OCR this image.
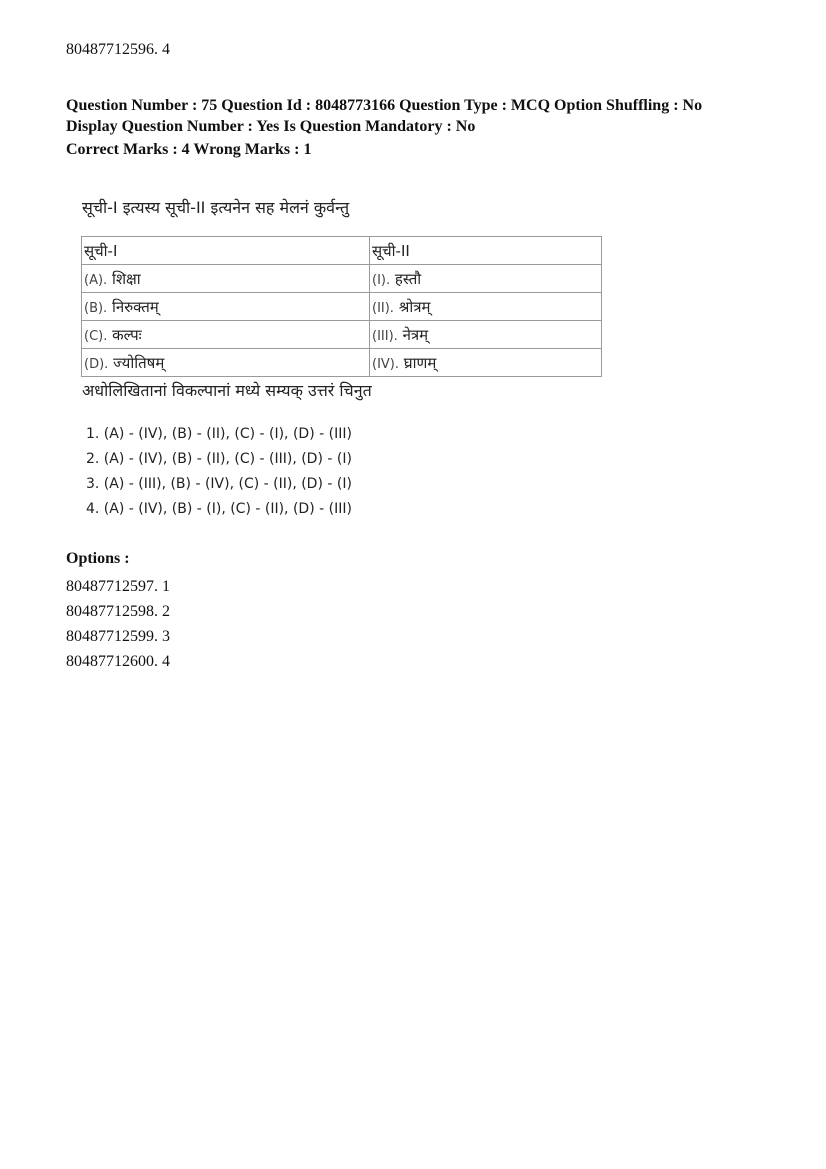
80487712596. 4
Question Number : 75 Question Id : 8048773166 Question Type : MCQ Option Shuffling : No
Display Question Number : Yes Is Question Mandatory : No
Correct Marks : 4 Wrong Marks : 1
सूची-I इत्यस्य सूची-II इत्यनेन सह मेलनं कुर्वन्तु
सूची-I	सूची-II
(A). शिक्षा	(I). हस्तौ
(B). निरुक्तम्	(II). श्रोत्रम्
(C). कल्पः	(III). नेत्रम्
(D). ज्योतिषम्	(IV). घ्राणम्
अधोलिखितानां विकल्पानां मध्ये सम्यक् उत्तरं चिनुत
1. (A) - (IV), (B) - (II), (C) - (I), (D) - (III)
2. (A) - (IV), (B) - (II), (C) - (III), (D) - (I)
3. (A) - (III), (B) - (IV), (C) - (II), (D) - (I)
4. (A) - (IV), (B) - (I), (C) - (II), (D) - (III)
Options :
80487712597. 1
80487712598. 2
80487712599. 3
80487712600. 4
